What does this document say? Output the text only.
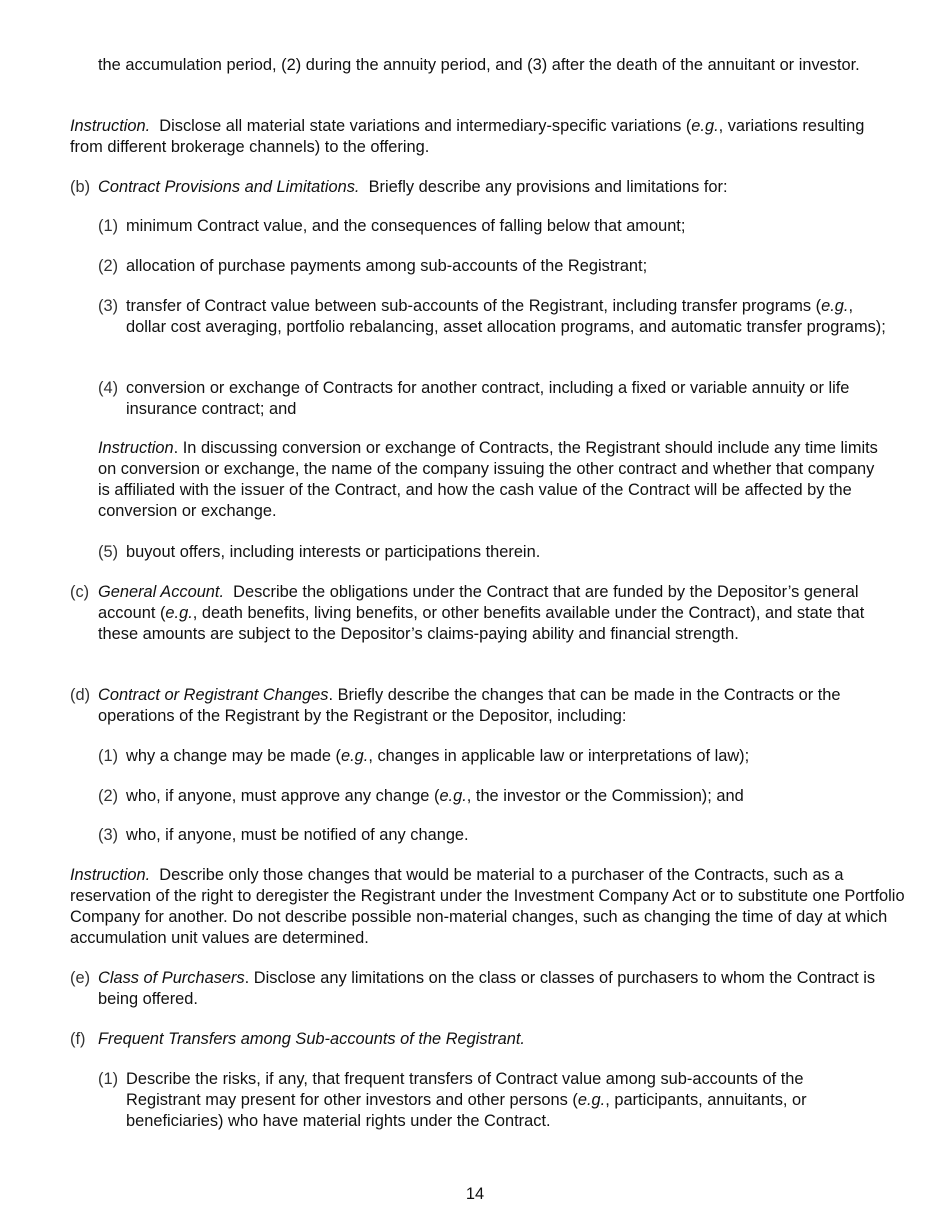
the accumulation period, (2) during the annuity period, and (3) after the death of the annuitant or investor.

Instruction. Disclose all material state variations and intermediary-specific variations (e.g., variations resulting from different brokerage channels) to the offering.

(b) Contract Provisions and Limitations. Briefly describe any provisions and limitations for:
(1) minimum Contract value, and the consequences of falling below that amount;
(2) allocation of purchase payments among sub-accounts of the Registrant;
(3) transfer of Contract value between sub-accounts of the Registrant, including transfer programs (e.g., dollar cost averaging, portfolio rebalancing, asset allocation programs, and automatic transfer programs);
(4) conversion or exchange of Contracts for another contract, including a fixed or variable annuity or life insurance contract; and

Instruction. In discussing conversion or exchange of Contracts, the Registrant should include any time limits on conversion or exchange, the name of the company issuing the other contract and whether that company is affiliated with the issuer of the Contract, and how the cash value of the Contract will be affected by the conversion or exchange.

(5) buyout offers, including interests or participations therein.
(c) General Account. Describe the obligations under the Contract that are funded by the Depositor’s general account (e.g., death benefits, living benefits, or other benefits available under the Contract), and state that these amounts are subject to the Depositor’s claims-paying ability and financial strength.
(d) Contract or Registrant Changes. Briefly describe the changes that can be made in the Contracts or the operations of the Registrant by the Registrant or the Depositor, including:
(1) why a change may be made (e.g., changes in applicable law or interpretations of law);
(2) who, if anyone, must approve any change (e.g., the investor or the Commission); and
(3) who, if anyone, must be notified of any change.

Instruction. Describe only those changes that would be material to a purchaser of the Contracts, such as a reservation of the right to deregister the Registrant under the Investment Company Act or to substitute one Portfolio Company for another. Do not describe possible non-material changes, such as changing the time of day at which accumulation unit values are determined.

(e) Class of Purchasers. Disclose any limitations on the class or classes of purchasers to whom the Contract is being offered.
(f) Frequent Transfers among Sub-accounts of the Registrant.
(1) Describe the risks, if any, that frequent transfers of Contract value among sub-accounts of the Registrant may present for other investors and other persons (e.g., participants, annuitants, or beneficiaries) who have material rights under the Contract.
14
